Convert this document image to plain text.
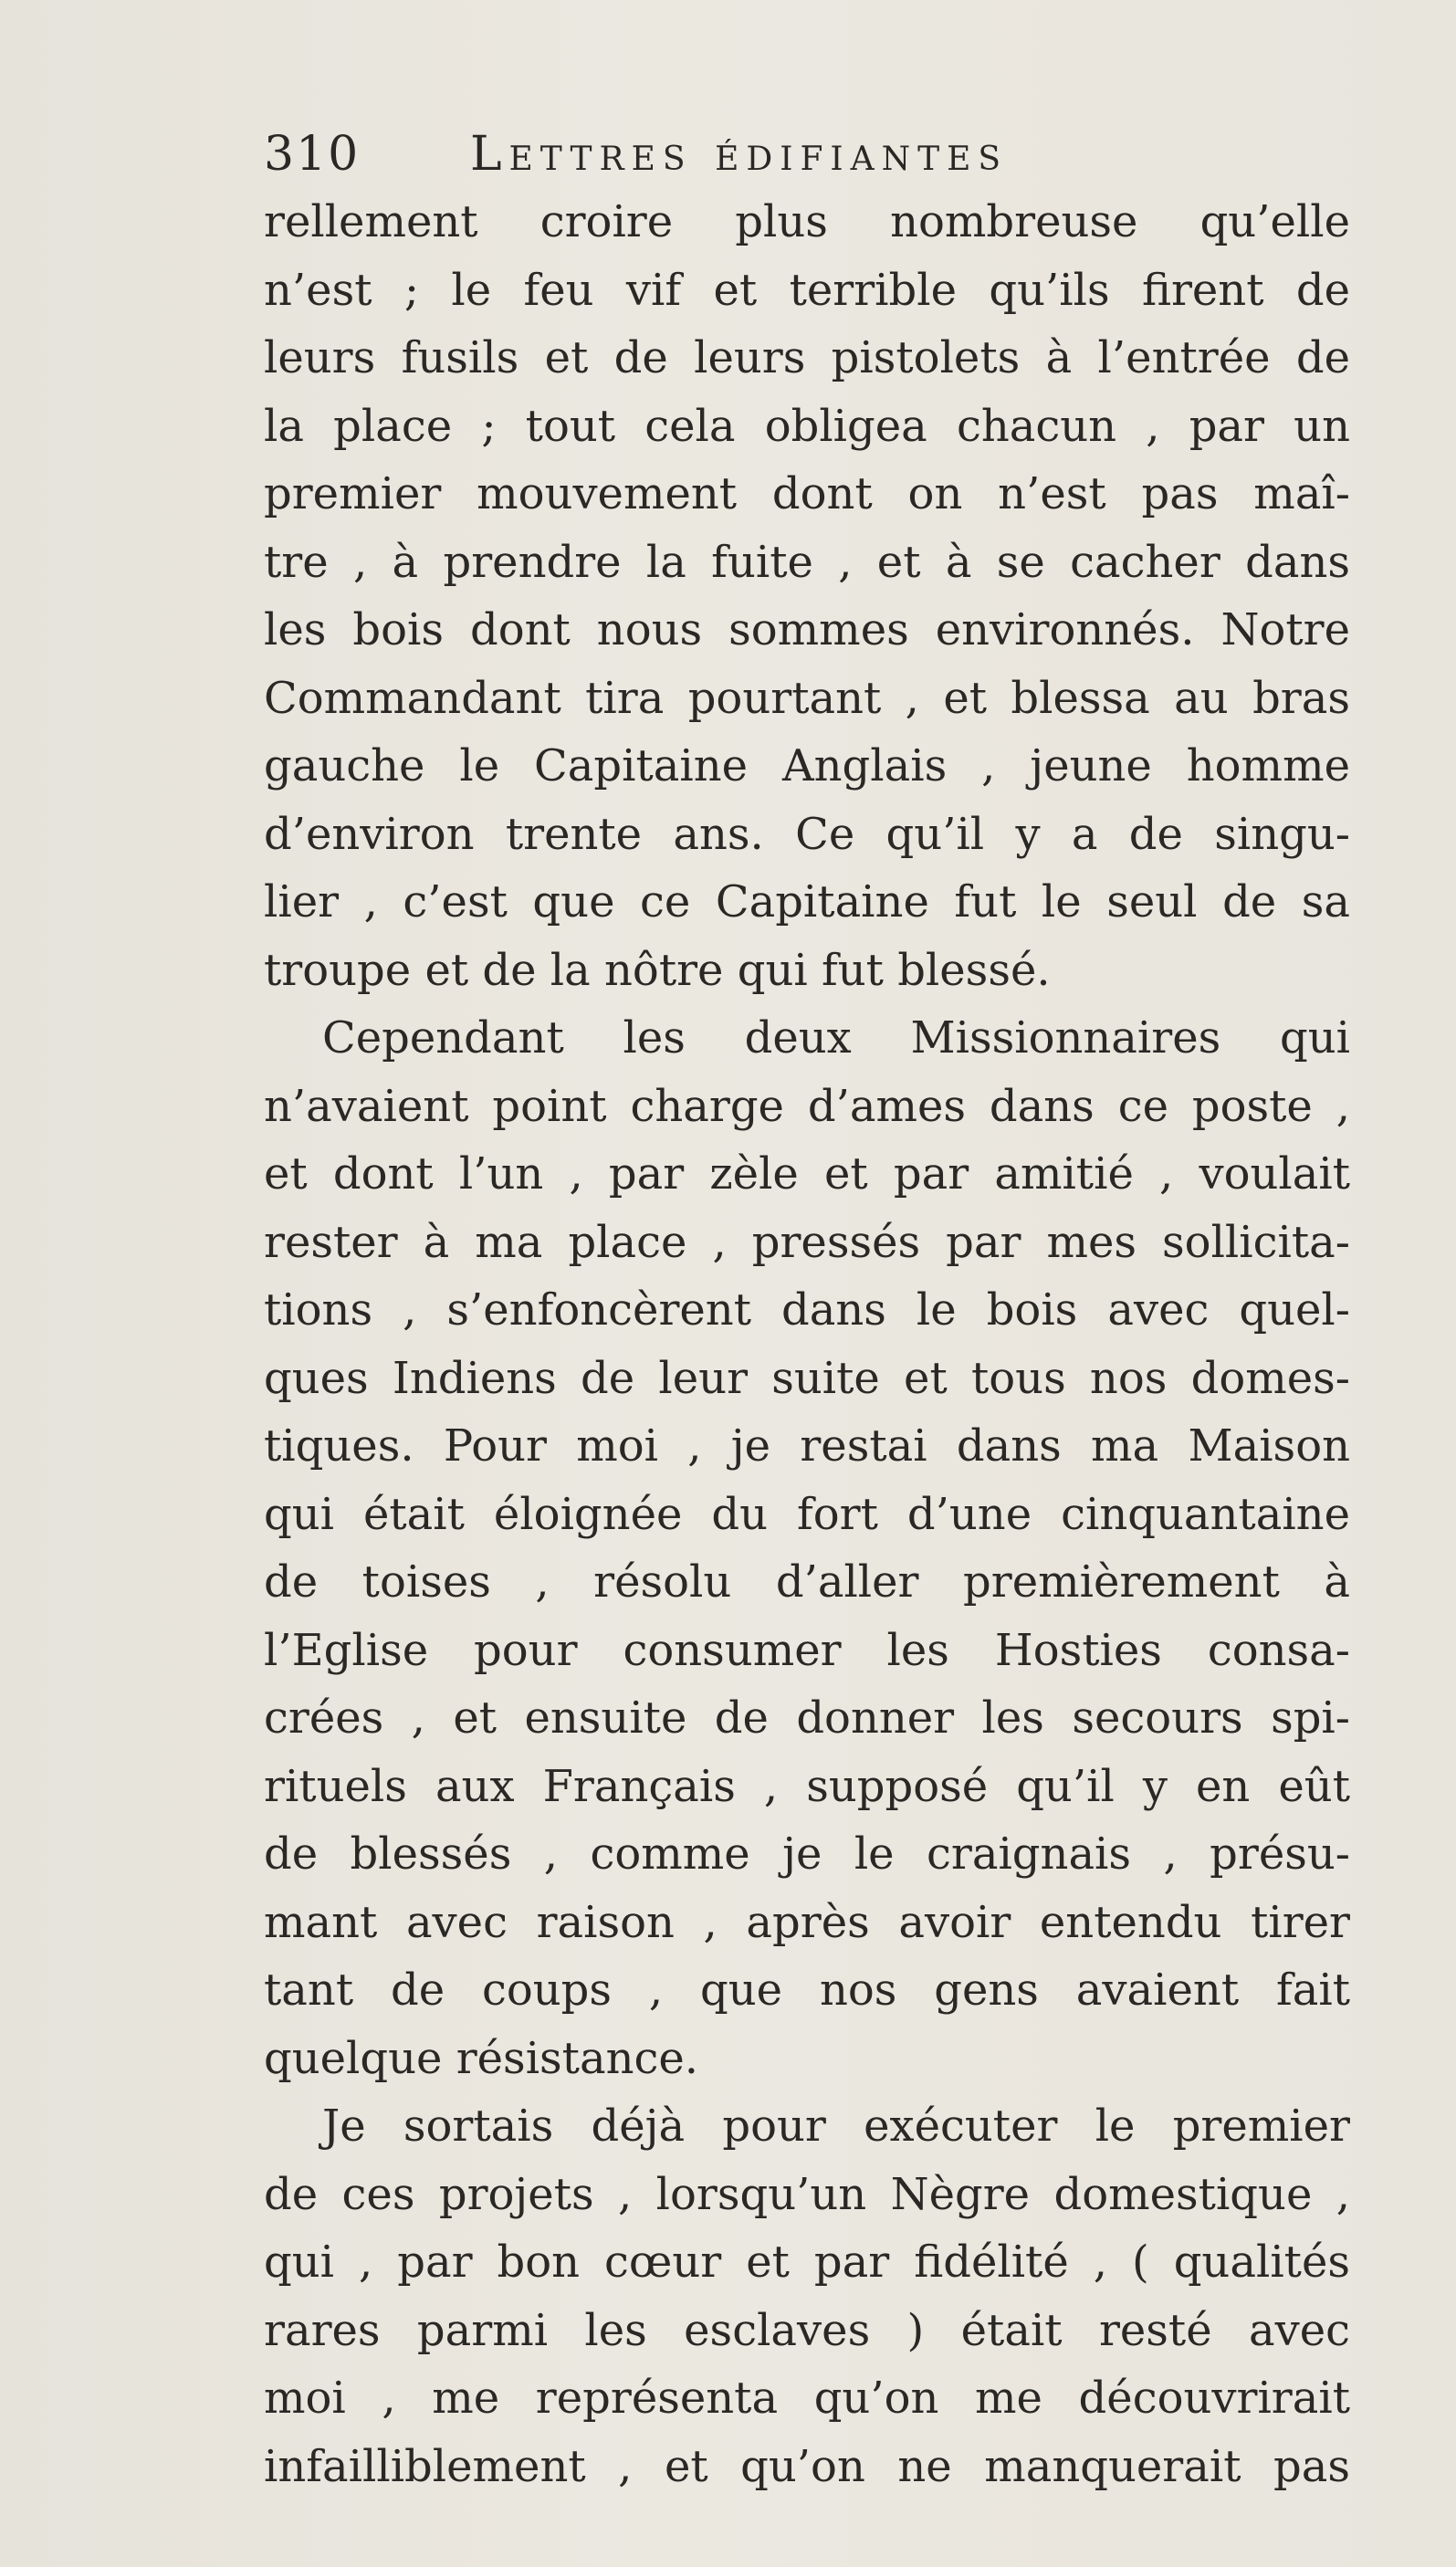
310 Lettres édifiantes
rellement croire plus nombreuse qu’elle
n’est ; le feu vif et terrible qu’ils firent de
leurs fusils et de leurs pistolets à l’entrée de
la place ; tout cela obligea chacun , par un
premier mouvement dont on n’est pas maî-
tre , à prendre la fuite , et à se cacher dans
les bois dont nous sommes environnés. Notre
Commandant tira pourtant , et blessa au bras
gauche le Capitaine Anglais , jeune homme
d’environ trente ans. Ce qu’il y a de singu-
lier , c’est que ce Capitaine fut le seul de sa
troupe et de la nôtre qui fut blessé.
Cependant les deux Missionnaires qui
n’avaient point charge d’ames dans ce poste ,
et dont l’un , par zèle et par amitié , voulait
rester à ma place , pressés par mes sollicita-
tions , s’enfoncèrent dans le bois avec quel-
ques Indiens de leur suite et tous nos domes-
tiques. Pour moi , je restai dans ma Maison
qui était éloignée du fort d’une cinquantaine
de toises , résolu d’aller premièrement à
l’Eglise pour consumer les Hosties consa-
crées , et ensuite de donner les secours spi-
rituels aux Français , supposé qu’il y en eût
de blessés , comme je le craignais , présu-
mant avec raison , après avoir entendu tirer
tant de coups , que nos gens avaient fait
quelque résistance.
Je sortais déjà pour exécuter le premier
de ces projets , lorsqu’un Nègre domestique ,
qui , par bon cœur et par fidélité , ( qualités
rares parmi les esclaves ) était resté avec
moi , me représenta qu’on me découvrirait
infailliblement , et qu’on ne manquerait pas
